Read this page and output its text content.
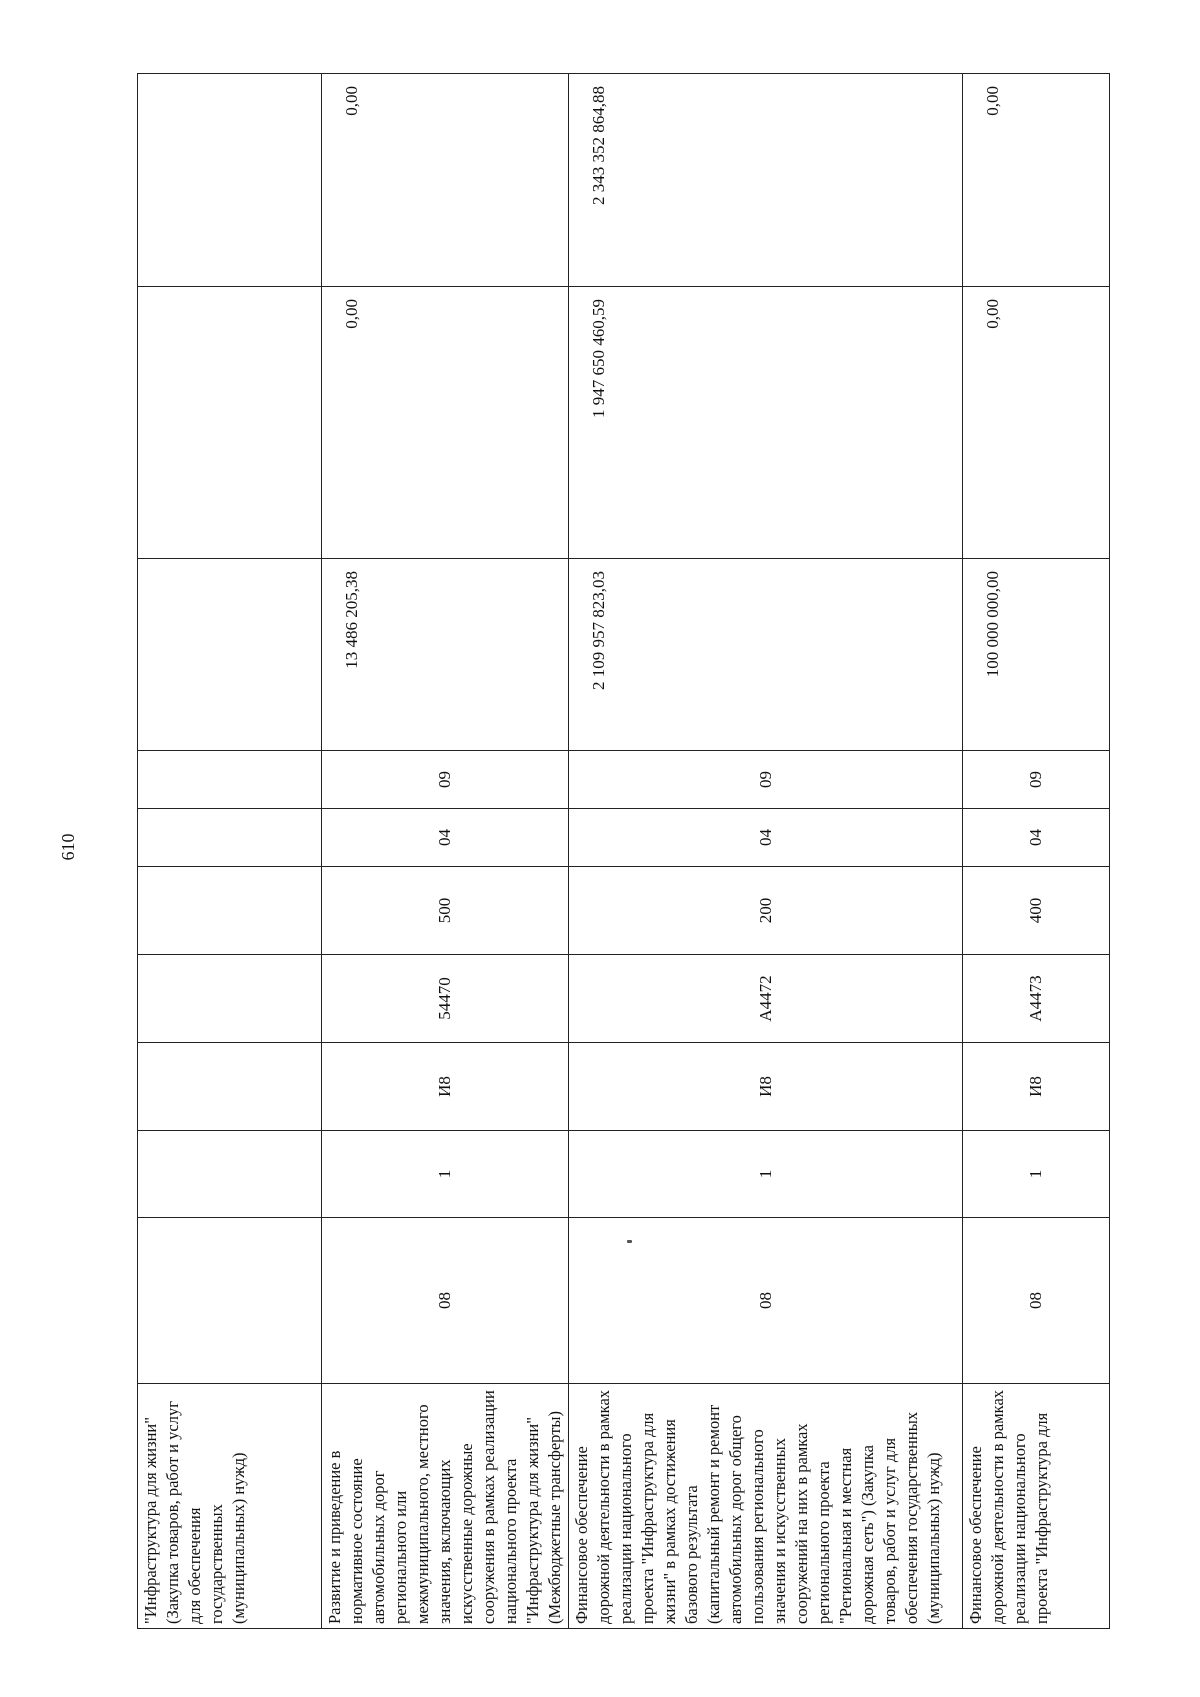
610
"Инфраструктура для жизни" (Закупка товаров, работ и услуг для обеспечения государственных (муниципальных) нужд)										
Развитие и приведение в нормативное состояние автомобильных дорог регионального или межмуниципального, местного значения, включающих искусственные дорожные сооружения в рамках реализации национального проекта "Инфраструктура для жизни" (Межбюджетные трансферты)	08	1	И8	54470	500	04	09	13 486 205,38	0,00	0,00
Финансовое обеспечение дорожной деятельности в рамках реализации национального проекта "Инфраструктура для жизни" в рамках достижения базового результата (капитальный ремонт и ремонт автомобильных дорог общего пользования регионального значения и искусственных сооружений на них в рамках регионального проекта "Региональная и местная дорожная сеть") (Закупка товаров, работ и услуг для обеспечения государственных (муниципальных) нужд)	08	1	И8	А4472	200	04	09	2 109 957 823,03	1 947 650 460,59	2 343 352 864,88
Финансовое обеспечение дорожной деятельности в рамках реализации национального проекта "Инфраструктура для	08	1	И8	А4473	400	04	09	100 000 000,00	0,00	0,00
